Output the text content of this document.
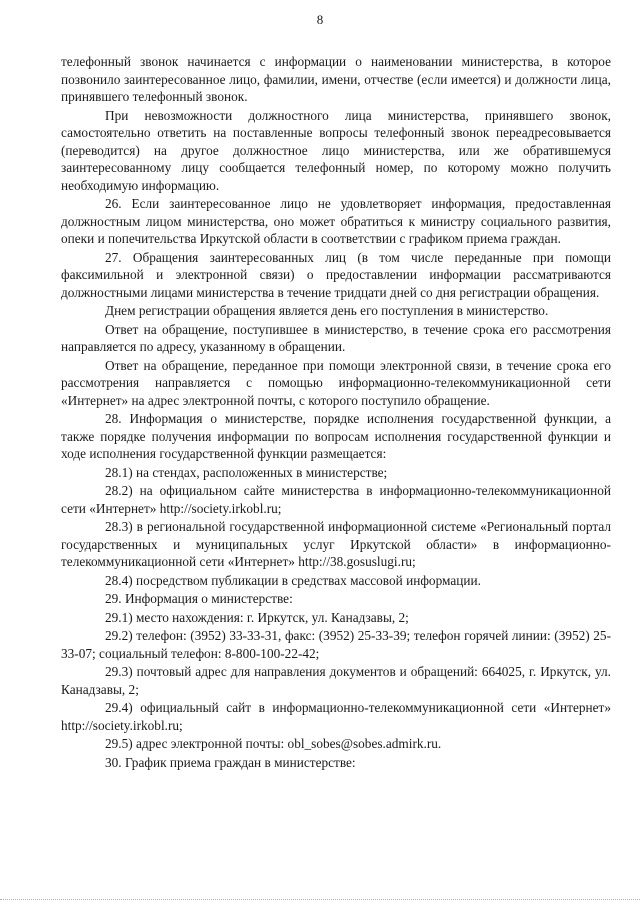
8

телефонный звонок начинается с информации о наименовании министерства, в которое позвонило заинтересованное лицо, фамилии, имени, отчестве (если имеется) и должности лица, принявшего телефонный звонок.

При невозможности должностного лица министерства, принявшего звонок, самостоятельно ответить на поставленные вопросы телефонный звонок переадресовывается (переводится) на другое должностное лицо министерства, или же обратившемуся заинтересованному лицу сообщается телефонный номер, по которому можно получить необходимую информацию.

26. Если заинтересованное лицо не удовлетворяет информация, предоставленная должностным лицом министерства, оно может обратиться к министру социального развития, опеки и попечительства Иркутской области в соответствии с графиком приема граждан.

27. Обращения заинтересованных лиц (в том числе переданные при помощи факсимильной и электронной связи) о предоставлении информации рассматриваются должностными лицами министерства в течение тридцати дней со дня регистрации обращения.

Днем регистрации обращения является день его поступления в министерство.

Ответ на обращение, поступившее в министерство, в течение срока его рассмотрения направляется по адресу, указанному в обращении.

Ответ на обращение, переданное при помощи электронной связи, в течение срока его рассмотрения направляется с помощью информационно-телекоммуникационной сети «Интернет» на адрес электронной почты, с которого поступило обращение.

28. Информация о министерстве, порядке исполнения государственной функции, а также порядке получения информации по вопросам исполнения государственной функции и ходе исполнения государственной функции размещается:

28.1) на стендах, расположенных в министерстве;

28.2) на официальном сайте министерства в информационно-телекоммуникационной сети «Интернет» http://society.irkobl.ru;

28.3) в региональной государственной информационной системе «Региональный портал государственных и муниципальных услуг Иркутской области» в информационно-телекоммуникационной сети «Интернет» http://38.gosuslugi.ru;

28.4) посредством публикации в средствах массовой информации.

29. Информация о министерстве:

29.1) место нахождения: г. Иркутск, ул. Канадзавы, 2;

29.2) телефон: (3952) 33-33-31, факс: (3952) 25-33-39; телефон горячей линии: (3952) 25-33-07; социальный телефон: 8-800-100-22-42;

29.3) почтовый адрес для направления документов и обращений: 664025, г. Иркутск, ул. Канадзавы, 2;

29.4) официальный сайт в информационно-телекоммуникационной сети «Интернет» http://society.irkobl.ru;

29.5) адрес электронной почты: obl_sobes@sobes.admirk.ru.

30. График приема граждан в министерстве:
